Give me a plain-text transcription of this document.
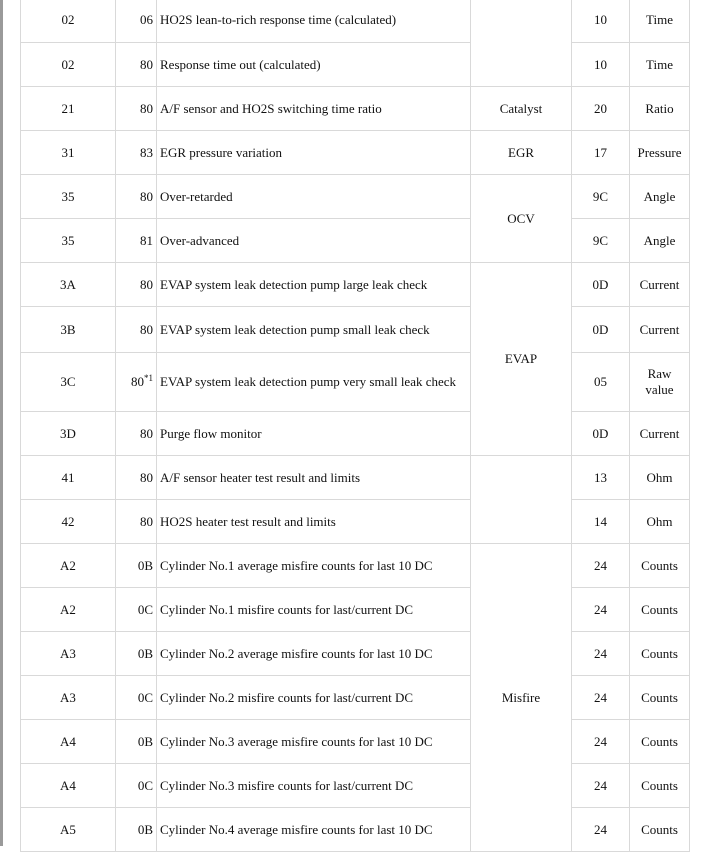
02	06	HO2S lean-to-rich response time (calculated)		10	Time
02	80	Response time out (calculated)		10	Time
21	80	A/F sensor and HO2S switching time ratio	Catalyst	20	Ratio
31	83	EGR pressure variation	EGR	17	Pressure
35	80	Over-retarded	OCV	9C	Angle
35	81	Over-advanced		9C	Angle
3A	80	EVAP system leak detection pump large leak check	EVAP	0D	Current
3B	80	EVAP system leak detection pump small leak check		0D	Current
3C	80$^{*1}$	EVAP system leak detection pump very small leak check		05	Raw value
3D	80	Purge flow monitor		0D	Current
41	80	A/F sensor heater test result and limits		13	Ohm
42	80	HO2S heater test result and limits		14	Ohm
A2	0B	Cylinder No.1 average misfire counts for last 10 DC	Misfire	24	Counts
A2	0C	Cylinder No.1 misfire counts for last/current DC		24	Counts
A3	0B	Cylinder No.2 average misfire counts for last 10 DC		24	Counts
A3	0C	Cylinder No.2 misfire counts for last/current DC		24	Counts
A4	0B	Cylinder No.3 average misfire counts for last 10 DC		24	Counts
A4	0C	Cylinder No.3 misfire counts for last/current DC		24	Counts
A5	0B	Cylinder No.4 average misfire counts for last 10 DC		24	Counts
